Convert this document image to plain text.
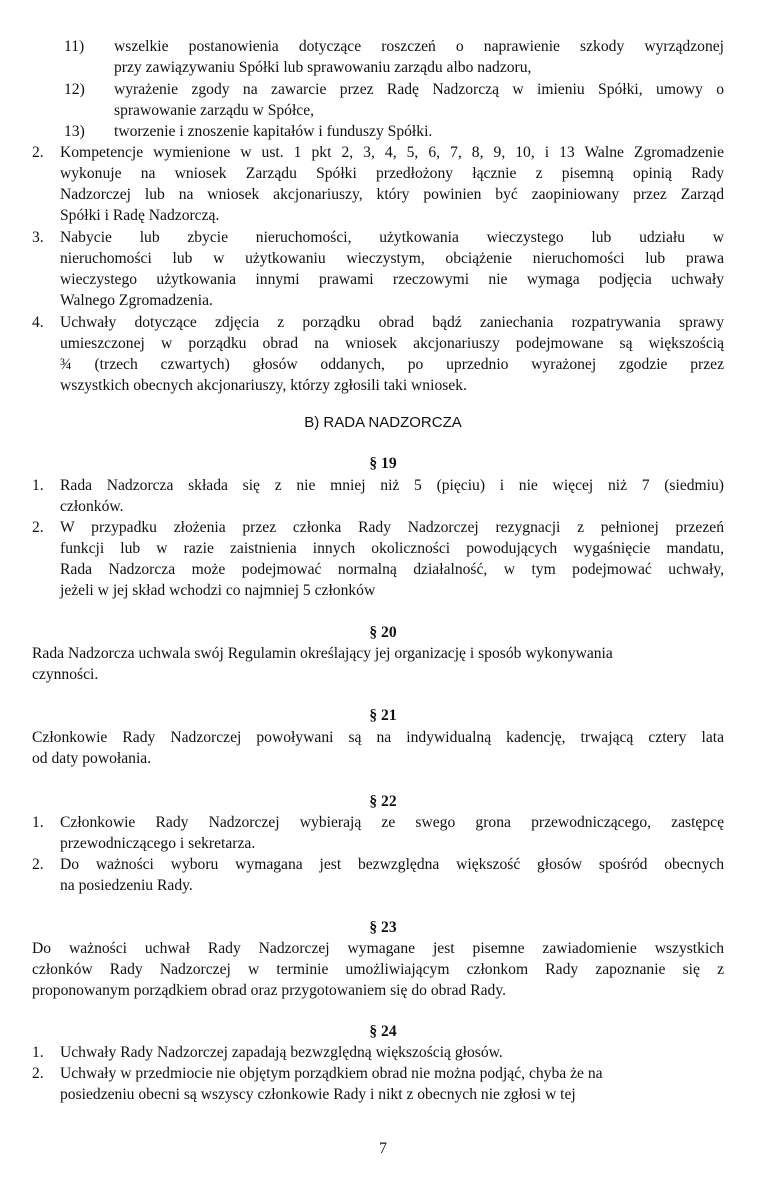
11) wszelkie postanowienia dotyczące roszczeń o naprawienie szkody wyrządzonej
przy zawiązywaniu Spółki lub sprawowaniu zarządu albo nadzoru,
12) wyrażenie zgody na zawarcie przez Radę Nadzorczą w imieniu Spółki, umowy o
sprawowanie zarządu w Spółce,
13) tworzenie i znoszenie kapitałów i funduszy Spółki.
2. Kompetencje wymienione w ust. 1 pkt 2, 3, 4, 5, 6, 7, 8, 9, 10, i 13 Walne Zgromadzenie
wykonuje na wniosek Zarządu Spółki przedłożony łącznie z pisemną opinią Rady
Nadzorczej lub na wniosek akcjonariuszy, który powinien być zaopiniowany przez Zarząd
Spółki i Radę Nadzorczą.
3. Nabycie lub zbycie nieruchomości, użytkowania wieczystego lub udziału w
nieruchomości lub w użytkowaniu wieczystym, obciążenie nieruchomości lub prawa
wieczystego użytkowania innymi prawami rzeczowymi nie wymaga podjęcia uchwały
Walnego Zgromadzenia.
4. Uchwały dotyczące zdjęcia z porządku obrad bądź zaniechania rozpatrywania sprawy
umieszczonej w porządku obrad na wniosek akcjonariuszy podejmowane są większością
¾ (trzech czwartych) głosów oddanych, po uprzednio wyrażonej zgodzie przez
wszystkich obecnych akcjonariuszy, którzy zgłosili taki wniosek.
B) RADA NADZORCZA
§ 19
1. Rada Nadzorcza składa się z nie mniej niż 5 (pięciu) i nie więcej niż 7 (siedmiu)
członków.
2. W przypadku złożenia przez członka Rady Nadzorczej rezygnacji z pełnionej przezeń
funkcji lub w razie zaistnienia innych okoliczności powodujących wygaśnięcie mandatu,
Rada Nadzorcza może podejmować normalną działalność, w tym podejmować uchwały,
jeżeli w jej skład wchodzi co najmniej 5 członków
§ 20
Rada Nadzorcza uchwala swój Regulamin określający jej organizację i sposób wykonywania
czynności.
§ 21
Członkowie Rady Nadzorczej powoływani są na indywidualną kadencję, trwającą cztery lata
od daty powołania.
§ 22
1. Członkowie Rady Nadzorczej wybierają ze swego grona przewodniczącego, zastępcę
przewodniczącego i sekretarza.
2. Do ważności wyboru wymagana jest bezwzględna większość głosów spośród obecnych
na posiedzeniu Rady.
§ 23
Do ważności uchwał Rady Nadzorczej wymagane jest pisemne zawiadomienie wszystkich
członków Rady Nadzorczej w terminie umożliwiającym członkom Rady zapoznanie się z
proponowanym porządkiem obrad oraz przygotowaniem się do obrad Rady.
§ 24
1. Uchwały Rady Nadzorczej zapadają bezwzględną większością głosów.
2. Uchwały w przedmiocie nie objętym porządkiem obrad nie można podjąć, chyba że na
posiedzeniu obecni są wszyscy członkowie Rady i nikt z obecnych nie zgłosi w tej
7
